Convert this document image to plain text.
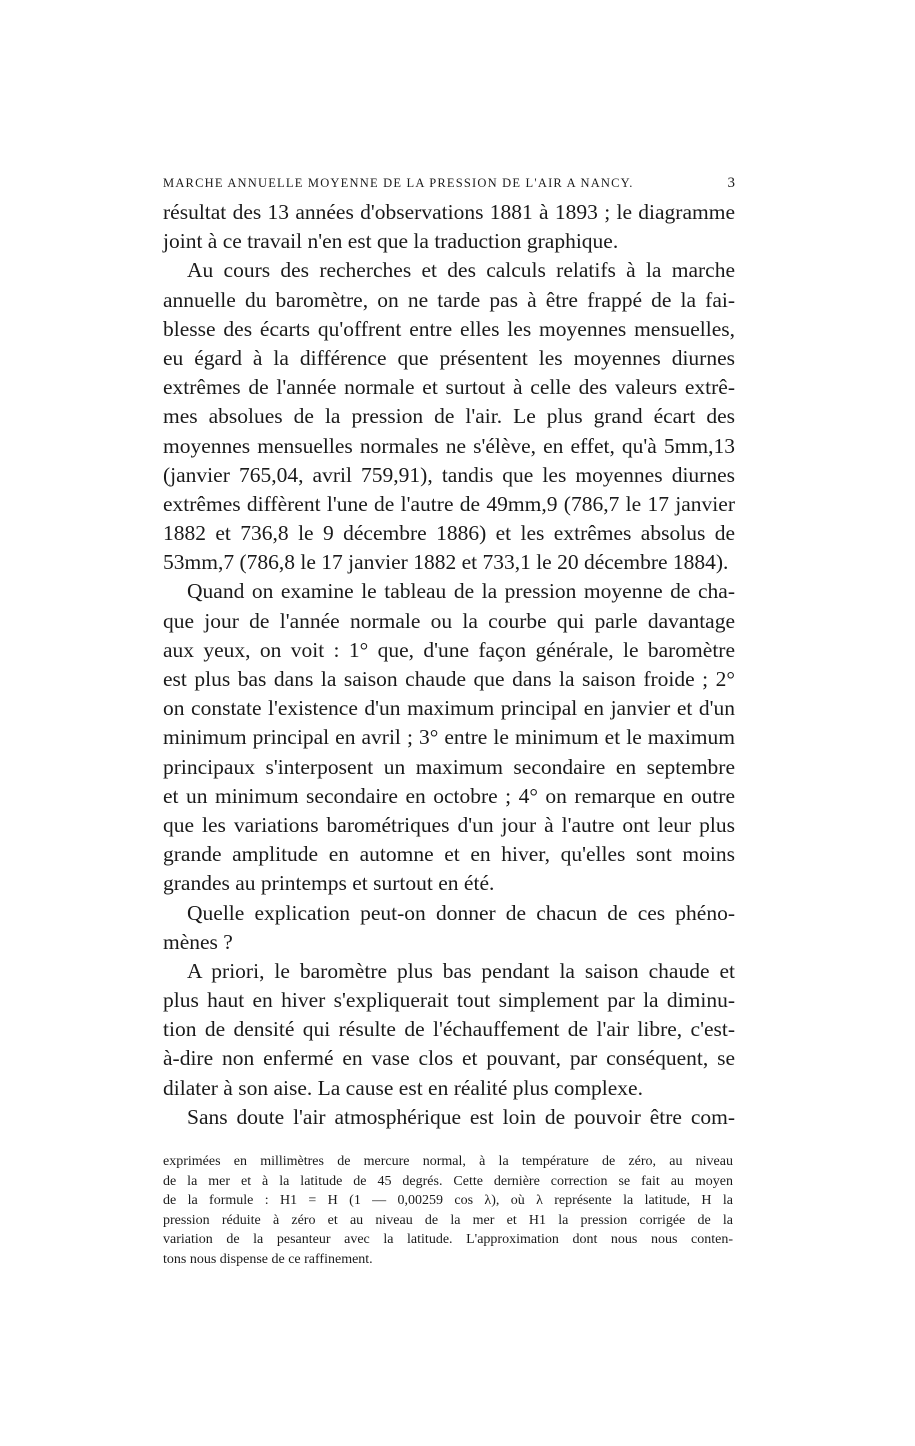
MARCHE ANNUELLE MOYENNE DE LA PRESSION DE L'AIR A NANCY.	3

résultat des 13 années d'observations 1881 à 1893 ; le diagramme
joint à ce travail n'en est que la traduction graphique.

Au cours des recherches et des calculs relatifs à la marche
annuelle du baromètre, on ne tarde pas à être frappé de la fai-
blesse des écarts qu'offrent entre elles les moyennes mensuelles,
eu égard à la différence que présentent les moyennes diurnes
extrêmes de l'année normale et surtout à celle des valeurs extrê-
mes absolues de la pression de l'air. Le plus grand écart des
moyennes mensuelles normales ne s'élève, en effet, qu'à 5mm,13
(janvier 765,04, avril 759,91), tandis que les moyennes diurnes
extrêmes diffèrent l'une de l'autre de 49mm,9 (786,7 le 17 janvier
1882 et 736,8 le 9 décembre 1886) et les extrêmes absolus de
53mm,7 (786,8 le 17 janvier 1882 et 733,1 le 20 décembre 1884).

Quand on examine le tableau de la pression moyenne de cha-
que jour de l'année normale ou la courbe qui parle davantage
aux yeux, on voit : 1° que, d'une façon générale, le baromètre
est plus bas dans la saison chaude que dans la saison froide ; 2°
on constate l'existence d'un maximum principal en janvier et d'un
minimum principal en avril ; 3° entre le minimum et le maximum
principaux s'interposent un maximum secondaire en septembre
et un minimum secondaire en octobre ; 4° on remarque en outre
que les variations barométriques d'un jour à l'autre ont leur plus
grande amplitude en automne et en hiver, qu'elles sont moins
grandes au printemps et surtout en été.

Quelle explication peut-on donner de chacun de ces phéno-
mènes ?

A priori, le baromètre plus bas pendant la saison chaude et
plus haut en hiver s'expliquerait tout simplement par la diminu-
tion de densité qui résulte de l'échauffement de l'air libre, c'est-
à-dire non enfermé en vase clos et pouvant, par conséquent, se
dilater à son aise. La cause est en réalité plus complexe.

Sans doute l'air atmosphérique est loin de pouvoir être com-

exprimées en millimètres de mercure normal, à la température de zéro, au niveau
de la mer et à la latitude de 45 degrés. Cette dernière correction se fait au moyen
de la formule : H1 = H (1 — 0,00259 cos λ), où λ représente la latitude, H la
pression réduite à zéro et au niveau de la mer et H1 la pression corrigée de la
variation de la pesanteur avec la latitude. L'approximation dont nous nous conten-
tons nous dispense de ce raffinement.
